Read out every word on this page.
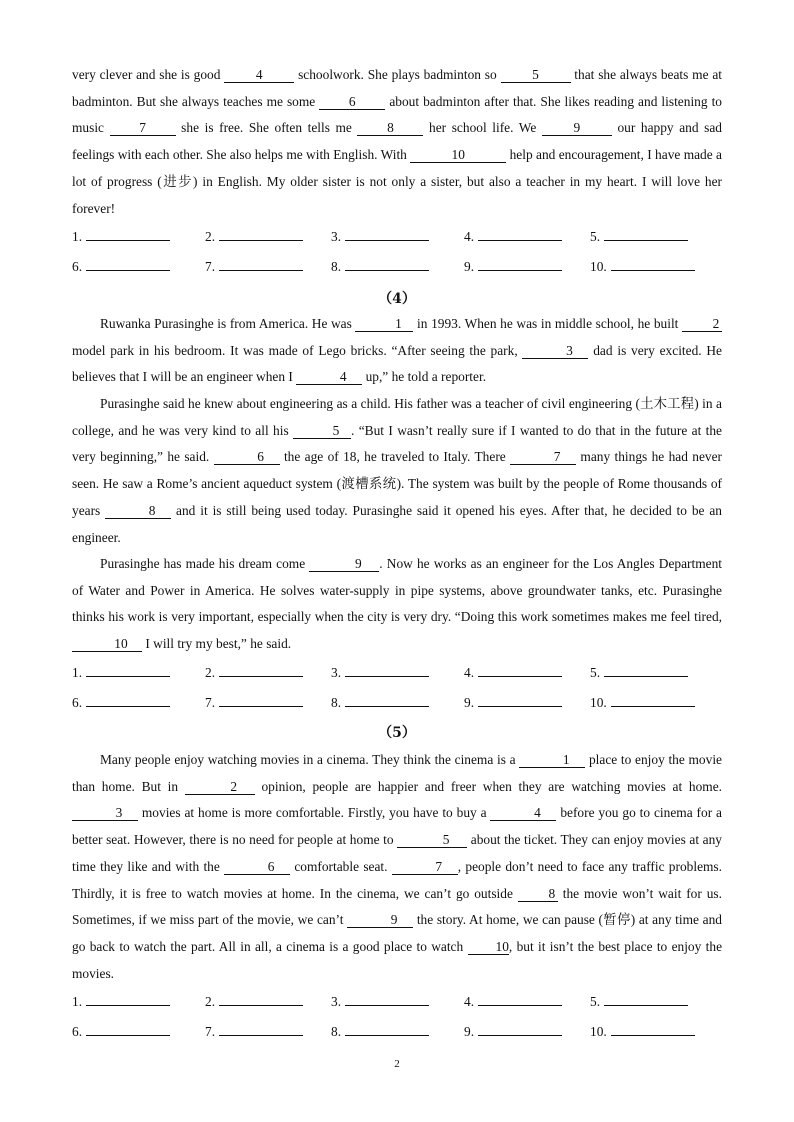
very clever and she is good 4 schoolwork. She plays badminton so 5 that she always beats me at badminton. But she always teaches me some 6 about badminton after that. She likes reading and listening to music 7 she is free. She often tells me 8 her school life. We 9 our happy and sad feelings with each other. She also helps me with English. With	10	help and encouragement, I have made a lot of progress (进步) in English. My older sister is not only a sister, but also a teacher in my heart. I will love her forever!

1.	2.	3.	4.	5.
6.	7.	8.	9.	10.
（4）

Ruwanka Purasinghe is from America. He was	1 in 1993. When he was in middle school, he built 2 model park in his bedroom. It was made of Lego bricks. “After seeing the park,	3 dad is very excited. He believes that I will be an engineer when I	4 up,” he told a reporter.

Purasinghe said he knew about engineering as a child. His father was a teacher of civil engineering (土木工程) in a college, and he was very kind to all his	5 . “But I wasn’t really sure if I wanted to do that in the future at the very beginning,” he said.	6 the age of 18, he traveled to Italy. There	7 many things he had never seen. He saw a Rome’s ancient aqueduct system (渡槽系统). The system was built by the people of Rome thousands of years	8 and it is still being used today. Purasinghe said it opened his eyes. After that, he decided to be an engineer.

Purasinghe has made his dream come	9 . Now he works as an engineer for the Los Angles Department of Water and Power in America. He solves water-supply in pipe systems, above groundwater tanks, etc. Purasinghe thinks his work is very important, especially when the city is very dry. “Doing this work sometimes makes me feel tired, 10 I will try my best,” he said.

1.	2.	3.	4.	5.
6.	7.	8.	9.	10.
（5）

Many people enjoy watching movies in a cinema. They think the cinema is a	1 place to enjoy the movie than home. But in	2 opinion, people are happier and freer when they are watching movies at home. 3 movies at home is more comfortable. Firstly, you have to buy a	4 before you go to cinema for a better seat. However, there is no need for people at home to	5 about the ticket. They can enjoy movies at any time they like and with the	6 comfortable seat.	7 , people don’t need to face any traffic problems. Thirdly, it is free to watch movies at home. In the cinema, we can’t go outside 8 the movie won’t wait for us. Sometimes, if we miss part of the movie, we can’t	9 the story. At home, we can pause (暂停) at any time and go back to watch the part. All in all, a cinema is a good place to watch 10, but it isn’t the best place to enjoy the movies.

1.	2.	3.	4.	5.
6.	7.	8.	9.	10.
2
